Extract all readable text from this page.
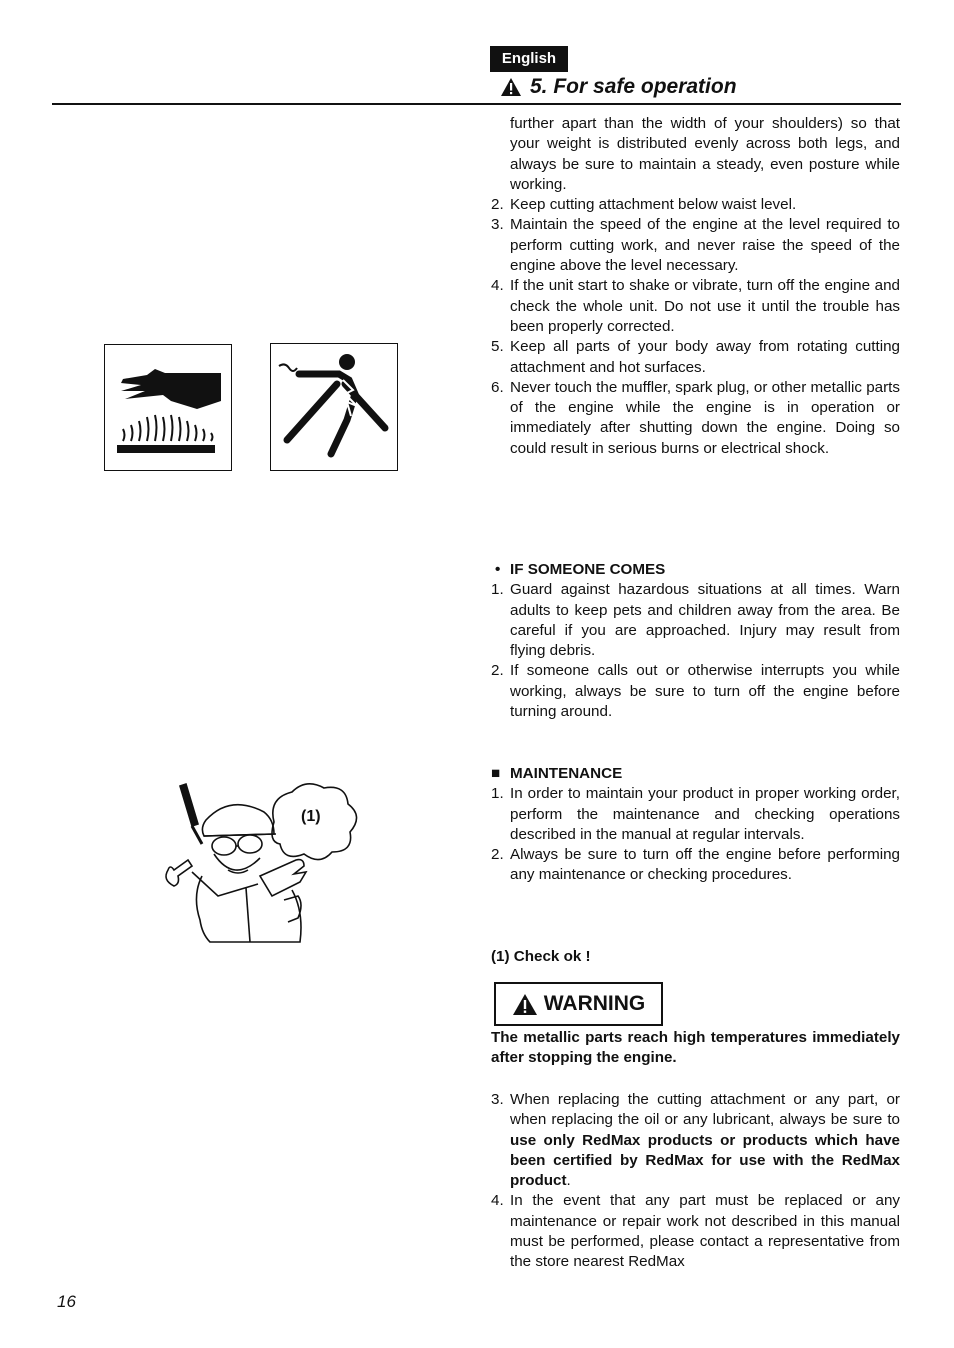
English
5. For safe operation

further apart than the width of your shoulders) so that your weight is distributed evenly across both legs, and always be sure to maintain a steady, even posture while working.

2. Keep cutting attachment below waist level.
3. Maintain the speed of the engine at the level required to perform cutting work, and never raise the speed of the engine above the level necessary.
4. If the unit start to shake or vibrate, turn off the engine and check the whole unit. Do not use it until the trouble has been properly corrected.
5. Keep all parts of your body away from rotating cutting attachment and hot surfaces.
6. Never touch the muffler, spark plug, or other metallic parts of the engine while the engine is in operation or immediately after shutting down the engine. Doing so could result in serious burns or electrical shock.
• IF SOMEONE COMES
1. Guard against hazardous situations at all times. Warn adults to keep pets and children away from the area. Be careful if you are approached. Injury may result from flying debris.
2. If someone calls out or otherwise interrupts you while working, always be sure to turn off the engine before turning around.
■ MAINTENANCE
1. In order to maintain your product in proper working order, perform the maintenance and checking operations described in the manual at regular intervals.
2. Always be sure to turn off the engine before performing any maintenance or checking procedures.
(1) Check ok !
(1)
WARNING
The metallic parts reach high temperatures immediately after stopping the engine.
3. When replacing the cutting attachment or any part, or when replacing the oil or any lubricant, always be sure to use only RedMax products or products which have been certified by RedMax for use with the RedMax product.
4. In the event that any part must be replaced or any maintenance or repair work not described in this manual must be performed, please contact a representative from the store nearest RedMax
16
